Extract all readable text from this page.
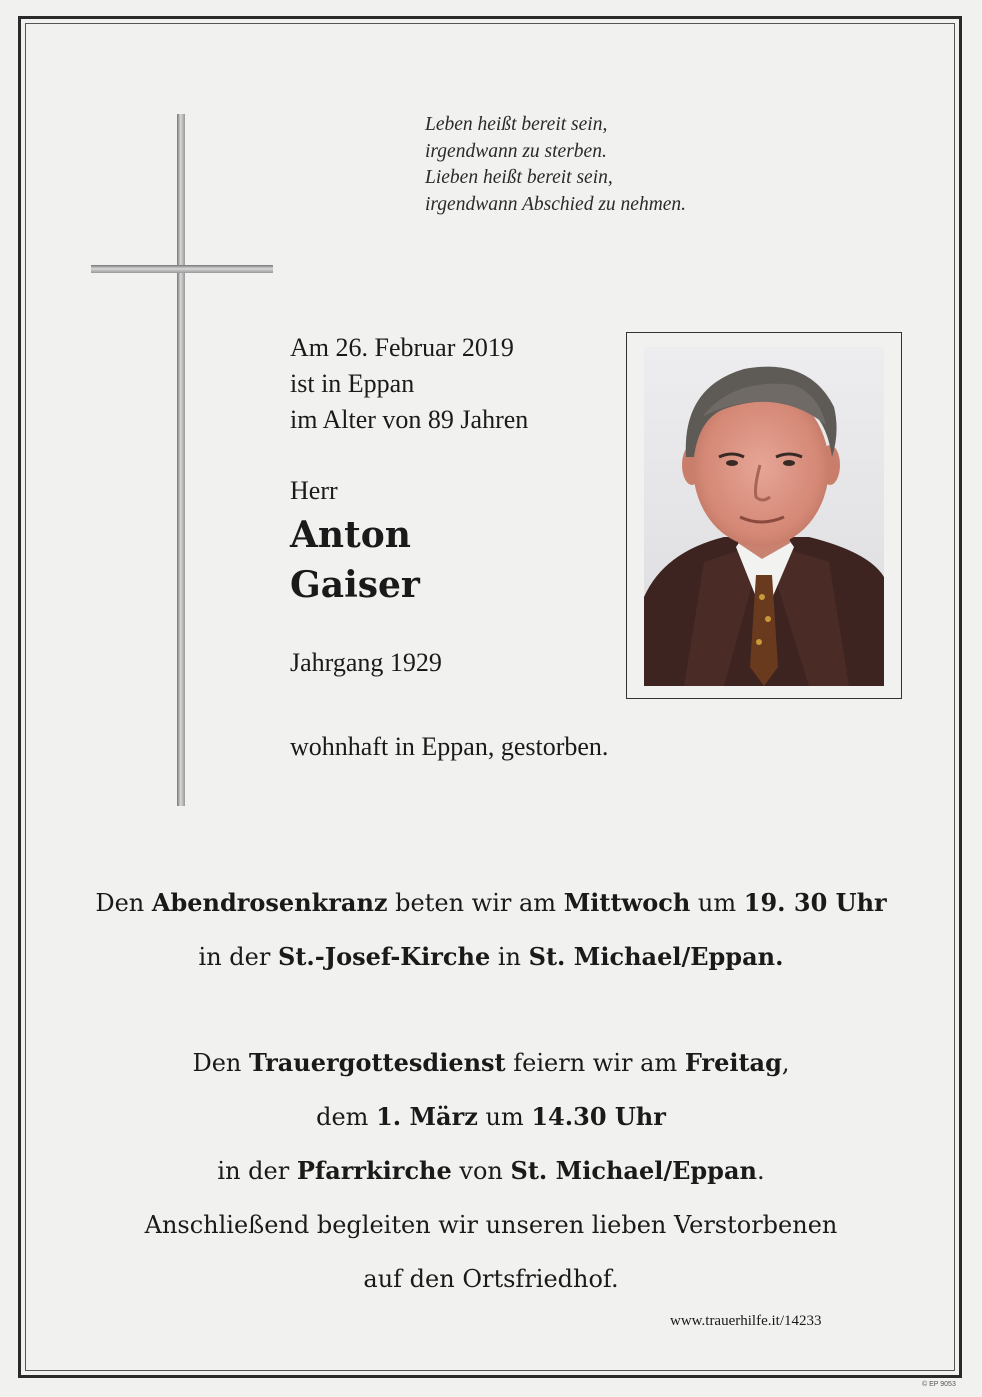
Leben heißt bereit sein,
irgendwann zu sterben.
Lieben heißt bereit sein,
irgendwann Abschied zu nehmen.
Am 26. Februar 2019
ist in Eppan
im Alter von 89 Jahren
Herr
Anton
Gaiser
Jahrgang 1929
wohnhaft in Eppan, gestorben.
Den Abendrosenkranz beten wir am Mittwoch um 19. 30 Uhr
in der St.-Josef-Kirche in St. Michael/Eppan.
Den Trauergottesdienst feiern wir am Freitag,
dem 1. März um 14.30 Uhr
in der Pfarrkirche von St. Michael/Eppan.
Anschließend begleiten wir unseren lieben Verstorbenen
auf den Ortsfriedhof.
www.trauerhilfe.it/14233
© EP 9053
